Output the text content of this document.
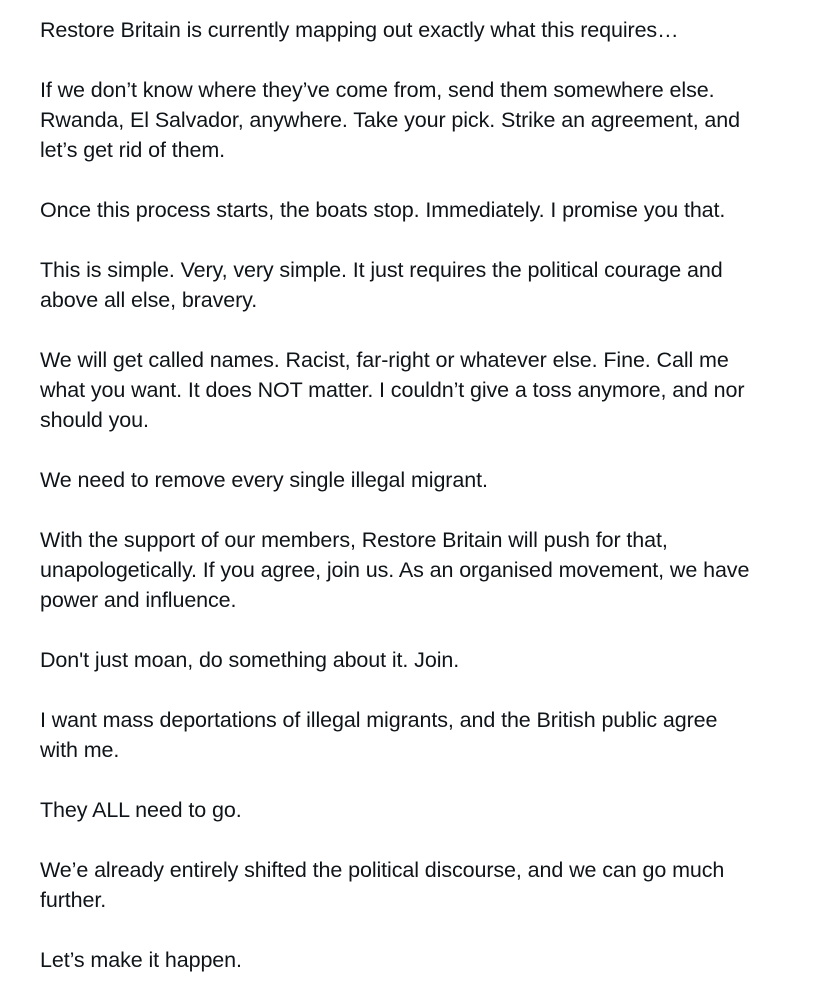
Restore Britain is currently mapping out exactly what this requires…

If we don’t know where they’ve come from, send them somewhere else.
Rwanda, El Salvador, anywhere. Take your pick. Strike an agreement, and
let’s get rid of them.

Once this process starts, the boats stop. Immediately. I promise you that.

This is simple. Very, very simple. It just requires the political courage and
above all else, bravery.

We will get called names. Racist, far-right or whatever else. Fine. Call me
what you want. It does NOT matter. I couldn’t give a toss anymore, and nor
should you.

We need to remove every single illegal migrant.

With the support of our members, Restore Britain will push for that,
unapologetically. If you agree, join us. As an organised movement, we have
power and influence.

Don't just moan, do something about it. Join.

I want mass deportations of illegal migrants, and the British public agree
with me.

They ALL need to go.

We’e already entirely shifted the political discourse, and we can go much
further.

Let’s make it happen.
